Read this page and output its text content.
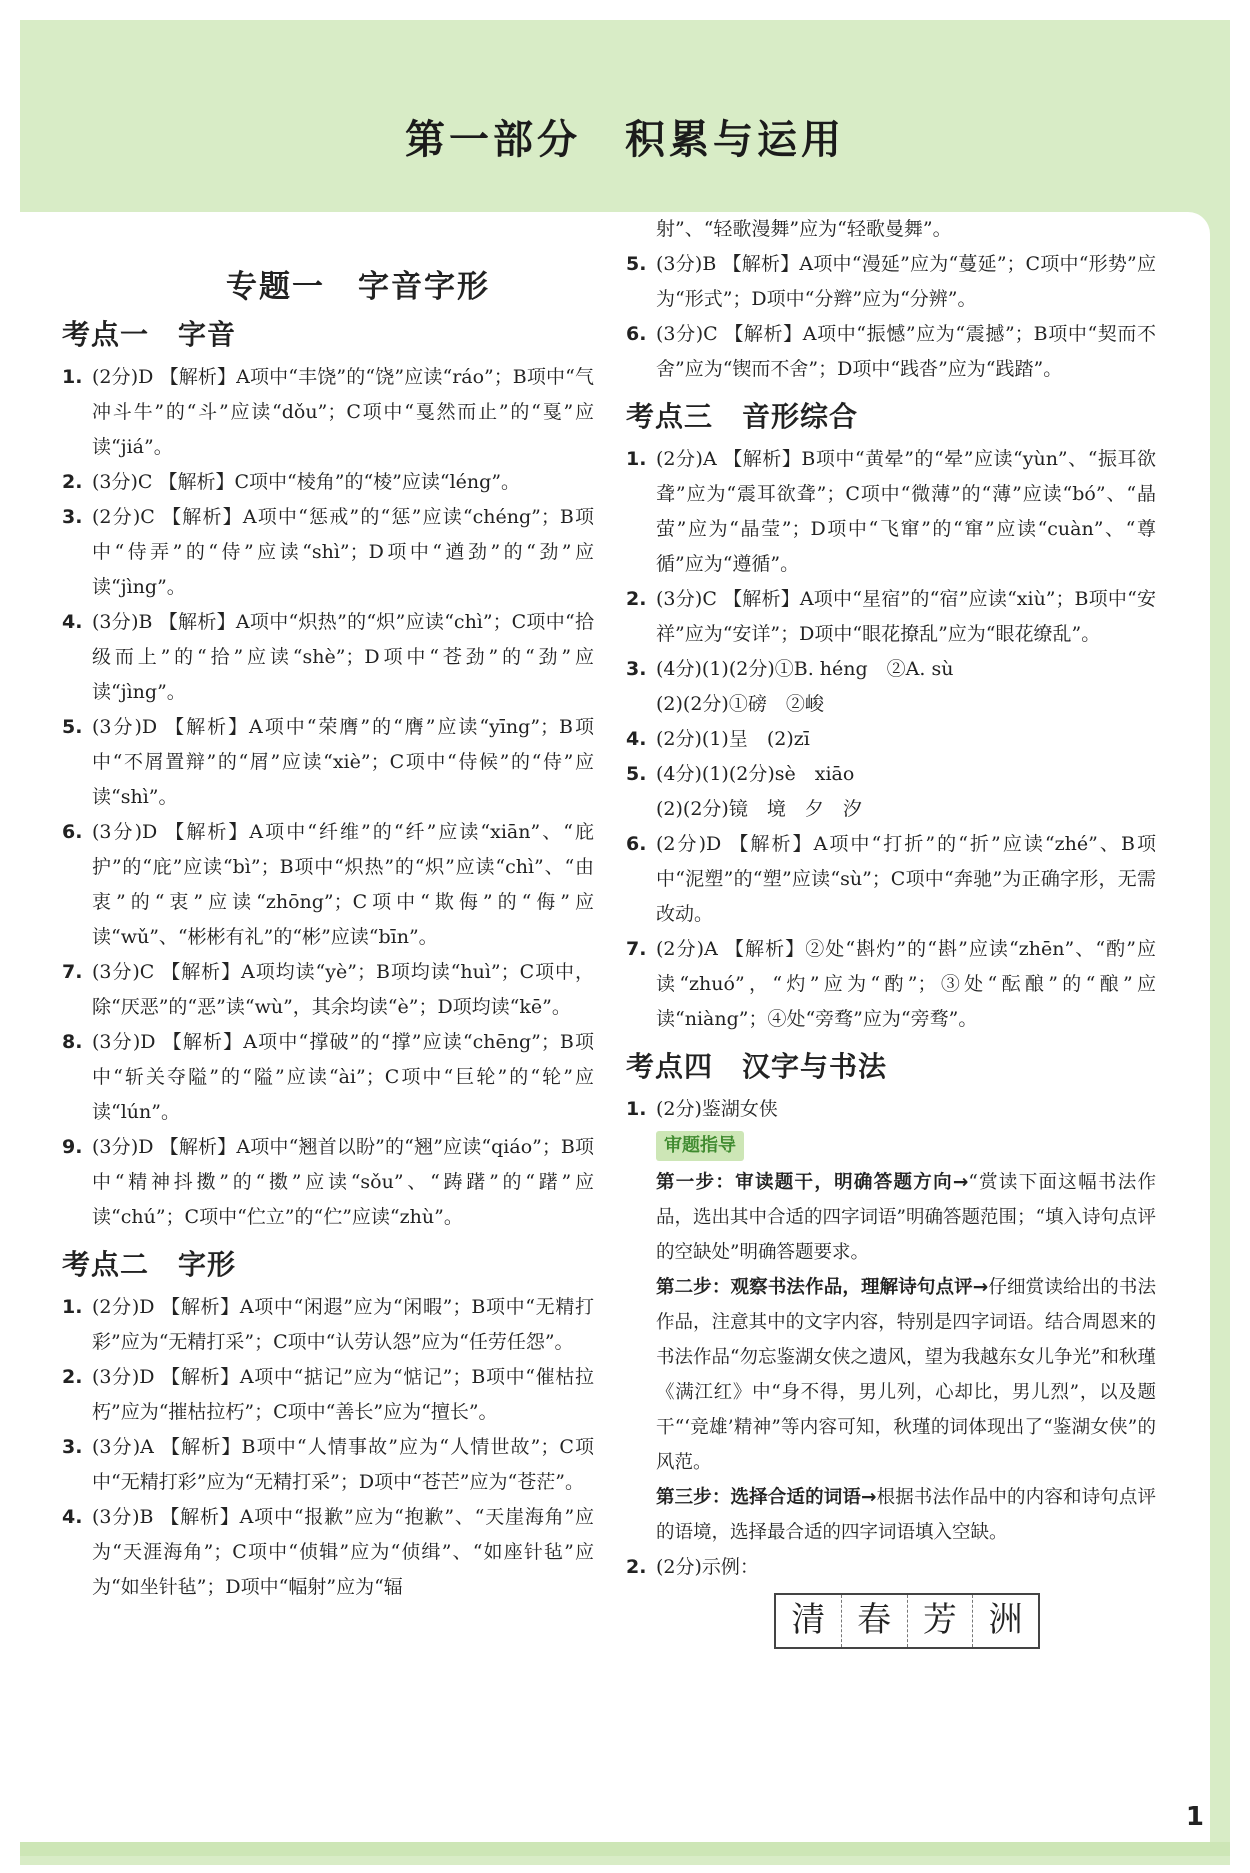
第一部分　积累与运用
1
专题一　字音字形
考点一　字音
1. (2分)D 【解析】A项中“丰饶”的“饶”应读“ráo”；B项中“气冲斗牛”的“斗”应读“dǒu”；C项中“戛然而止”的“戛”应读“jiá”。
2. (3分)C 【解析】C项中“棱角”的“棱”应读“léng”。
3. (2分)C 【解析】A项中“惩戒”的“惩”应读“chéng”；B项中“侍弄”的“侍”应读“shì”；D项中“遒劲”的“劲”应读“jìng”。
4. (3分)B 【解析】A项中“炽热”的“炽”应读“chì”；C项中“拾级而上”的“拾”应读“shè”；D项中“苍劲”的“劲”应读“jìng”。
5. (3分)D 【解析】A项中“荣膺”的“膺”应读“yīng”；B项中“不屑置辩”的“屑”应读“xiè”；C项中“侍候”的“侍”应读“shì”。
6. (3分)D 【解析】A项中“纤维”的“纤”应读“xiān”、“庇护”的“庇”应读“bì”；B项中“炽热”的“炽”应读“chì”、“由衷”的“衷”应读“zhōng”；C项中“欺侮”的“侮”应读“wǔ”、“彬彬有礼”的“彬”应读“bīn”。
7. (3分)C 【解析】A项均读“yè”；B项均读“huì”；C项中，除“厌恶”的“恶”读“wù”，其余均读“è”；D项均读“kē”。
8. (3分)D 【解析】A项中“撑破”的“撑”应读“chēng”；B项中“斩关夺隘”的“隘”应读“ài”；C项中“巨轮”的“轮”应读“lún”。
9. (3分)D 【解析】A项中“翘首以盼”的“翘”应读“qiáo”；B项中“精神抖擞”的“擞”应读“sǒu”、“踌躇”的“躇”应读“chú”；C项中“伫立”的“伫”应读“zhù”。
考点二　字形
1. (2分)D 【解析】A项中“闲遐”应为“闲暇”；B项中“无精打彩”应为“无精打采”；C项中“认劳认怨”应为“任劳任怨”。
2. (3分)D 【解析】A项中“掂记”应为“惦记”；B项中“催枯拉朽”应为“摧枯拉朽”；C项中“善长”应为“擅长”。
3. (3分)A 【解析】B项中“人情事故”应为“人情世故”；C项中“无精打彩”应为“无精打采”；D项中“苍芒”应为“苍茫”。
4. (3分)B 【解析】A项中“报歉”应为“抱歉”、“天崖海角”应为“天涯海角”；C项中“侦辑”应为“侦缉”、“如座针毡”应为“如坐针毡”；D项中“幅射”应为“辐
射”、“轻歌漫舞”应为“轻歌曼舞”。
5. (3分)B 【解析】A项中“漫延”应为“蔓延”；C项中“形势”应为“形式”；D项中“分辫”应为“分辨”。
6. (3分)C 【解析】A项中“振憾”应为“震撼”；B项中“契而不舍”应为“锲而不舍”；D项中“践沓”应为“践踏”。
考点三　音形综合
1. (2分)A 【解析】B项中“黄晕”的“晕”应读“yùn”、“振耳欲聋”应为“震耳欲聋”；C项中“微薄”的“薄”应读“bó”、“晶萤”应为“晶莹”；D项中“飞窜”的“窜”应读“cuàn”、“尊循”应为“遵循”。
2. (3分)C 【解析】A项中“星宿”的“宿”应读“xiù”；B项中“安祥”应为“安详”；D项中“眼花撩乱”应为“眼花缭乱”。
3. (4分)(1)(2分)①B. héng　②A. sù
(2)(2分)①磅　②峻
4. (2分)(1)呈　(2)zī
5. (4分)(1)(2分)sè　xiāo
(2)(2分)镜　境　夕　汐
6. (2分)D 【解析】A项中“打折”的“折”应读“zhé”、B项中“泥塑”的“塑”应读“sù”；C项中“奔驰”为正确字形，无需改动。
7. (2分)A 【解析】②处“斟灼”的“斟”应读“zhēn”、“酌”应读“zhuó”，“灼”应为“酌”；③处“酝酿”的“酿”应读“niàng”；④处“旁骛”应为“旁骛”。
考点四　汉字与书法
1. (2分)鉴湖女侠
审题指导

第一步：审读题干，明确答题方向→“赏读下面这幅书法作品，选出其中合适的四字词语”明确答题范围；“填入诗句点评的空缺处”明确答题要求。

第二步：观察书法作品，理解诗句点评→仔细赏读给出的书法作品，注意其中的文字内容，特别是四字词语。结合周恩来的书法作品“勿忘鉴湖女侠之遗风，望为我越东女儿争光”和秋瑾《满江红》中“身不得，男儿列，心却比，男儿烈”，以及题干“‘竞雄’精神”等内容可知，秋瑾的词体现出了“鉴湖女侠”的风范。

第三步：选择合适的词语→根据书法作品中的内容和诗句点评的语境，选择最合适的四字词语填入空缺。

2. (2分)示例：
清 春 芳 洲
